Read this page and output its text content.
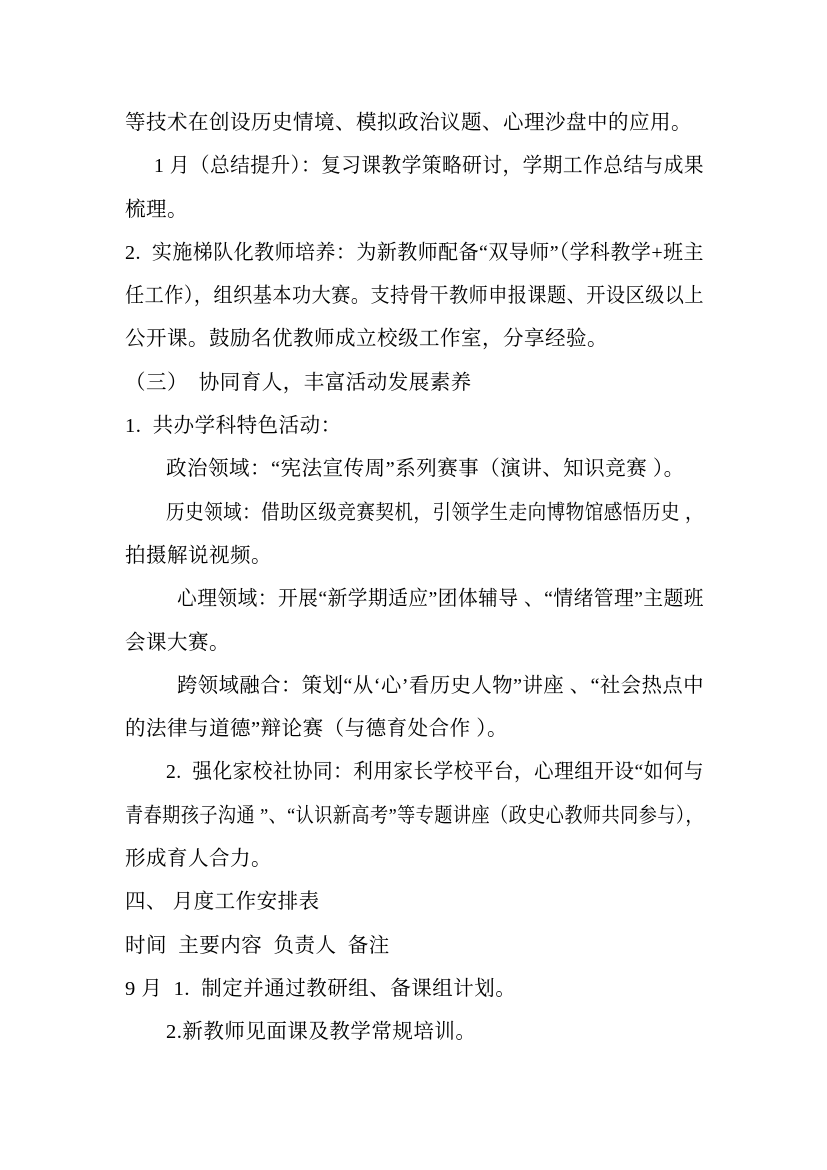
等技术在创设历史情境、模拟政治议题、心理沙盘中的应用。
1 月（总结提升）：复习课教学策略研讨，学期工作总结与成果
梳理。
2.  实施梯队化教师培养：为新教师配备“双导师”（学科教学+班主
任工作），组织基本功大赛。支持骨干教师申报课题、开设区级以上
公开课。鼓励名优教师成立校级工作室，分享经验。
（三）　协同育人，丰富活动发展素养
1.  共办学科特色活动：
政治领域：“宪法宣传周”系列赛事（演讲、知识竞赛 ）。
历史领域：借助区级竞赛契机，引领学生走向博物馆感悟历史 ，
拍摄解说视频。
心理领域：开展“新学期适应”团体辅导 、“情绪管理”主题班
会课大赛。
跨领域融合：策划“从‘心’看历史人物”讲座 、“社会热点中
的法律与道德”辩论赛（与德育处合作 ）。
2.  强化家校社协同：利用家长学校平台，心理组开设“如何与
青春期孩子沟通 ”、“认识新高考”等专题讲座（政史心教师共同参与），
形成育人合力。
四、 月度工作安排表
时间  主要内容  负责人  备注
9 月  1.  制定并通过教研组、备课组计划。
2.新教师见面课及教学常规培训。
